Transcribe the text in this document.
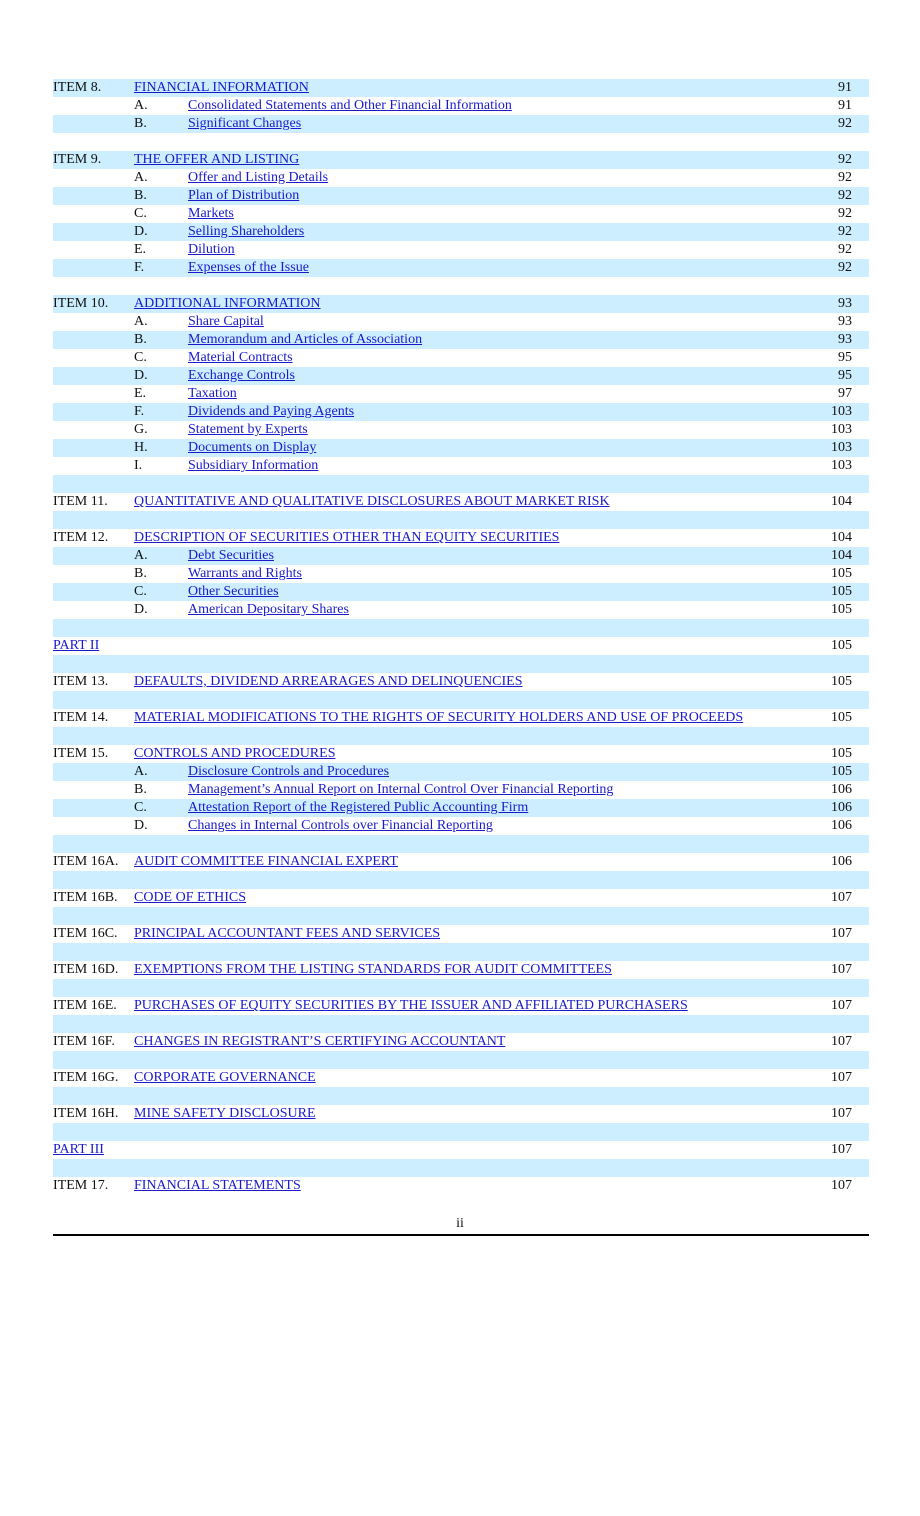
ITEM 8. FINANCIAL INFORMATION	91
A.	Consolidated Statements and Other Financial Information	91
B.	Significant Changes	92
ITEM 9. THE OFFER AND LISTING	92
A.	Offer and Listing Details	92
B.	Plan of Distribution	92
C.	Markets	92
D.	Selling Shareholders	92
E.	Dilution	92
F.	Expenses of the Issue	92
ITEM 10. ADDITIONAL INFORMATION	93
A.	Share Capital	93
B.	Memorandum and Articles of Association	93
C.	Material Contracts	95
D.	Exchange Controls	95
E.	Taxation	97
F.	Dividends and Paying Agents	103
G.	Statement by Experts	103
H.	Documents on Display	103
I.	Subsidiary Information	103
ITEM 11. QUANTITATIVE AND QUALITATIVE DISCLOSURES ABOUT MARKET RISK	104
ITEM 12. DESCRIPTION OF SECURITIES OTHER THAN EQUITY SECURITIES	104
A.	Debt Securities	104
B.	Warrants and Rights	105
C.	Other Securities	105
D.	American Depositary Shares	105
PART II	105
ITEM 13. DEFAULTS, DIVIDEND ARREARAGES AND DELINQUENCIES	105
ITEM 14. MATERIAL MODIFICATIONS TO THE RIGHTS OF SECURITY HOLDERS AND USE OF PROCEEDS	105
ITEM 15. CONTROLS AND PROCEDURES	105
A.	Disclosure Controls and Procedures	105
B.	Management’s Annual Report on Internal Control Over Financial Reporting	106
C.	Attestation Report of the Registered Public Accounting Firm	106
D.	Changes in Internal Controls over Financial Reporting	106
ITEM 16A. AUDIT COMMITTEE FINANCIAL EXPERT	106
ITEM 16B. CODE OF ETHICS	107
ITEM 16C. PRINCIPAL ACCOUNTANT FEES AND SERVICES	107
ITEM 16D. EXEMPTIONS FROM THE LISTING STANDARDS FOR AUDIT COMMITTEES	107
ITEM 16E. PURCHASES OF EQUITY SECURITIES BY THE ISSUER AND AFFILIATED PURCHASERS	107
ITEM 16F. CHANGES IN REGISTRANT’S CERTIFYING ACCOUNTANT	107
ITEM 16G. CORPORATE GOVERNANCE	107
ITEM 16H. MINE SAFETY DISCLOSURE	107
PART III	107
ITEM 17. FINANCIAL STATEMENTS	107
ii
